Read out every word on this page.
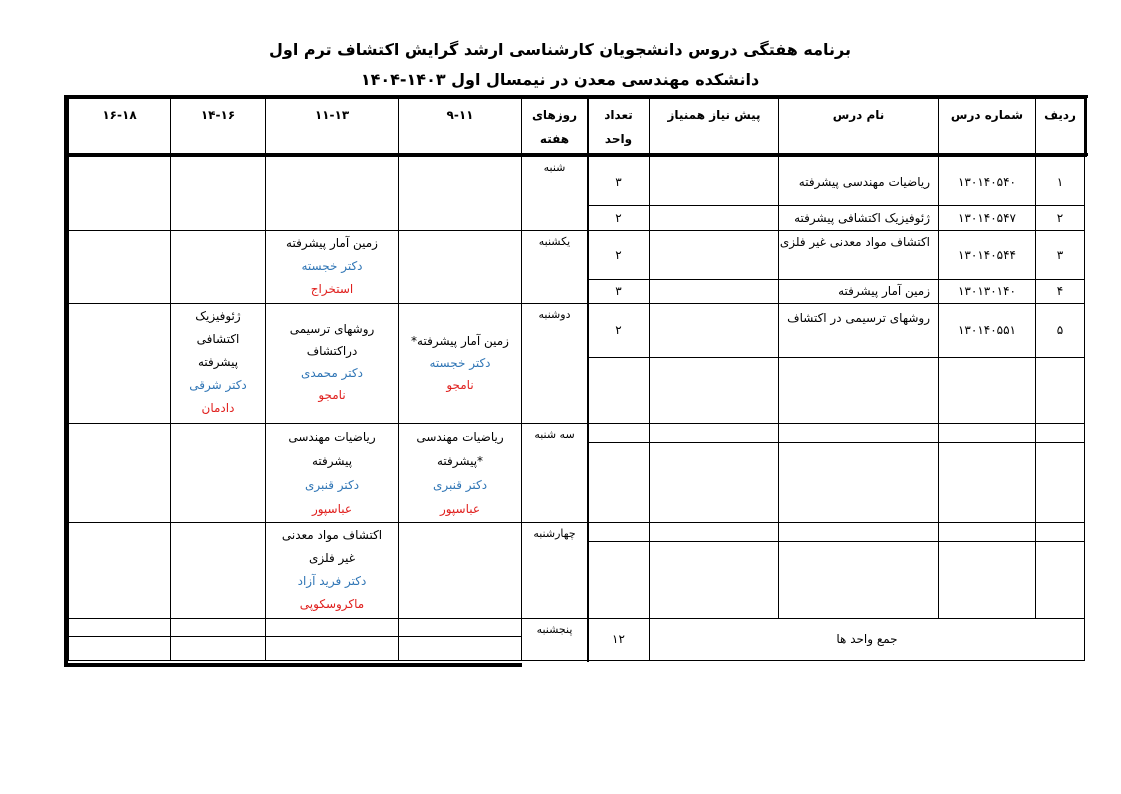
برنامه هفتگی دروس دانشجویان کارشناسی ارشد گرایش اکتشاف ترم اول
دانشکده مهندسی معدن در نیمسال اول ۱۴۰۳-۱۴۰۴
ردیف
شماره درس
نام درس
پیش نیاز همنیاز
تعداد
واحد
۱
۱۳۰۱۴۰۵۴۰
ریاضیات مهندسی پیشرفته
۳
۲
۱۳۰۱۴۰۵۴۷
ژئوفیزیک اکتشافی پیشرفته
۲
۳
۱۳۰۱۴۰۵۴۴
اکتشاف مواد معدنی غیر فلزی
۲
۴
۱۳۰۱۳۰۱۴۰
زمین آمار پیشرفته
۳
۵
۱۳۰۱۴۰۵۵۱
روشهای ترسیمی در اکتشاف
۲
جمع واحد ها
۱۲
روزهای
هفته
۹-۱۱
۱۱-۱۳
۱۴-۱۶
۱۶-۱۸
شنبه
یکشنبه
زمین آمار پیشرفته
دکتر خجسته
استخراج
دوشنبه
زمین آمار پیشرفته*
دکتر خجسته
نامجو
روشهای ترسیمی
دراکتشاف
دکتر محمدی
نامجو
ژئوفیزیک
اکتشافی
پیشرفته
دکتر شرقی
دادمان
سه شنبه
ریاضیات مهندسی
*پیشرفته
دکتر قنبری
عباسپور
ریاضیات مهندسی
پیشرفته
دکتر قنبری
عباسپور
چهارشنبه
اکتشاف مواد معدنی
غیر فلزی
دکتر فرید آزاد
ماکروسکوپی
پنجشنبه
